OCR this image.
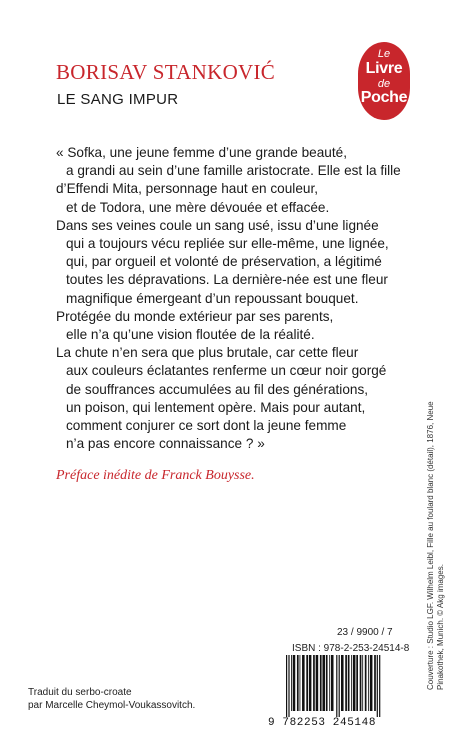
BORISAV STANKOVIĆ
LE SANG IMPUR
Le
Livre
de
Poche
« Sofka, une jeune femme d’une grande beauté,
a grandi au sein d’une famille aristocrate. Elle est la fille
d’Effendi Mita, personnage haut en couleur,
et de Todora, une mère dévouée et effacée.
Dans ses veines coule un sang usé, issu d’une lignée
qui a toujours vécu repliée sur elle-même, une lignée,
qui, par orgueil et volonté de préservation, a légitimé
toutes les dépravations. La dernière-née est une fleur
magnifique émergeant d’un repoussant bouquet.
Protégée du monde extérieur par ses parents,
elle n’a qu’une vision floutée de la réalité.
La chute n’en sera que plus brutale, car cette fleur
aux couleurs éclatantes renferme un cœur noir gorgé
de souffrances accumulées au fil des générations,
un poison, qui lentement opère. Mais pour autant,
comment conjurer ce sort dont la jeune femme
n’a pas encore connaissance ? »
Préface inédite de Franck Bouysse.	Couverture : Studio LGF. Wilhelm Leibl, Fille au foulard blanc (détail), 1876, Neue Pinakothek, Munich. © Akg images.
23 / 9900 / 7
ISBN : 978-2-253-24514-8
Traduit du serbo-croate
par Marcelle Cheymol-Voukassovitch.
9 782253 245148
